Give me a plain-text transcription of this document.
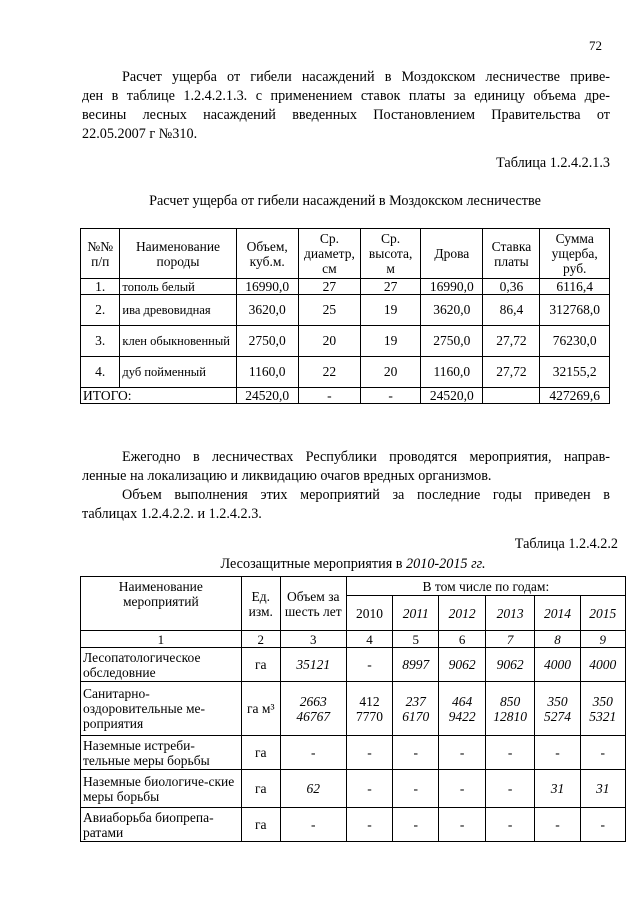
72
Расчет ущерба от гибели насаждений в Моздокском лесничестве приве-
ден в таблице 1.2.4.2.1.3. с применением ставок платы за единицу объема дре-
весины лесных насаждений введенных Постановлением Правительства от
22.05.2007 г №310.
Таблица 1.2.4.2.1.3
Расчет ущерба от гибели насаждений в Моздокском лесничестве
№№ п/п	Наименование породы	Объем, куб.м.	Ср. диаметр, см	Ср. высота, м	Дрова	Ставка платы	Сумма ущерба, руб.
1.	тополь белый	16990,0	27	27	16990,0	0,36	6116,4
2.	ива древовидная	3620,0	25	19	3620,0	86,4	312768,0
3.	клен обыкновенный	2750,0	20	19	2750,0	27,72	76230,0
4.	дуб пойменный	1160,0	22	20	1160,0	27,72	32155,2
ИТОГО:		24520,0	-	-	24520,0		427269,6
Ежегодно в лесничествах Республики проводятся мероприятия, направ-
ленные на локализацию и ликвидацию очагов вредных организмов.
Объем выполнения этих мероприятий за последние годы приведен в
таблицах 1.2.4.2.2. и 1.2.4.2.3.
Таблица 1.2.4.2.2
Лесозащитные мероприятия в 2010-2015 гг.
Наименование мероприятий	Ед. изм.	Объем за шесть лет	В том числе по годам:					
			2010	2011	2012	2013	2014	2015
1	2	3	4	5	6	7	8	9
Лесопатологическое обследовние	га	35121	-	8997	9062	9062	4000	4000
Санитарно-оздоровительные ме-роприятия	га м³	2663 46767	412 7770	237 6170	464 9422	850 12810	350 5274	350 5321
Наземные истреби-тельные меры борьбы	га	-	-	-	-	-	-	-
Наземные биологиче-ские меры борьбы	га	62	-	-	-	-	31	31
Авиаборьба биопрепа-ратами	га	-	-	-	-	-	-	-
